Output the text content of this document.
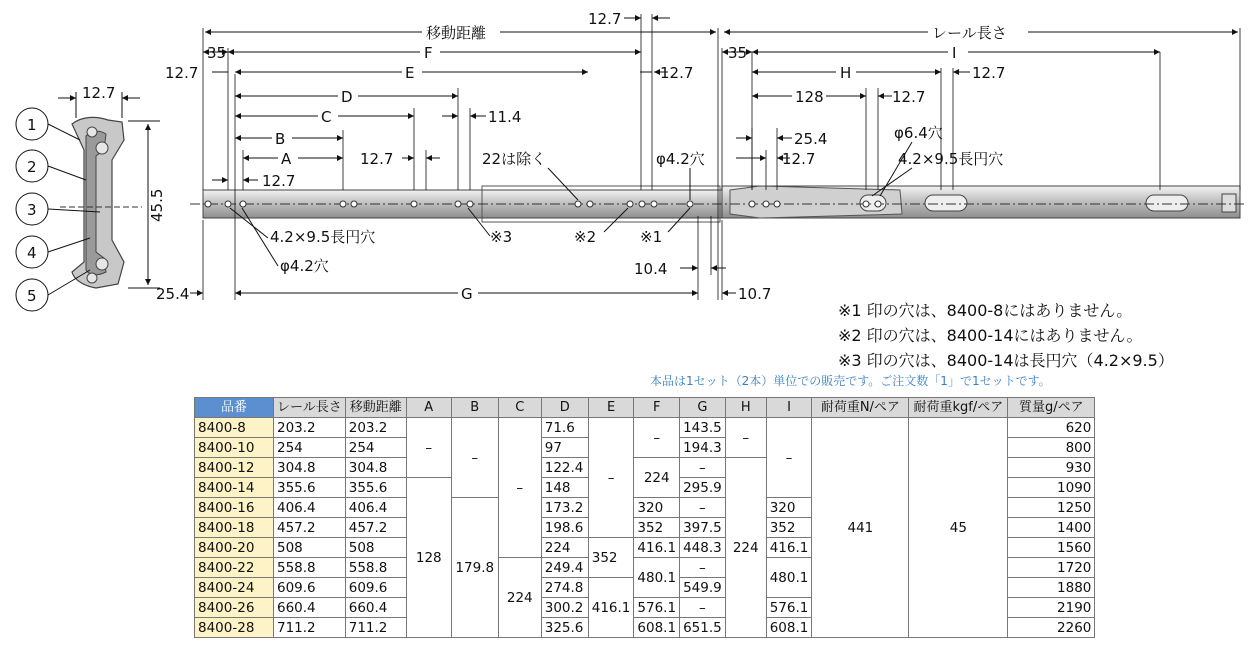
12.7
45.5
1
2
3
4
5
移動距離	レール長さ
12.7
35	F	35	I
12.7	E	12.7	H	12.7
D	128	12.7
C	11.4
B	25.4	φ6.4穴
A	12.7	22は除く	φ4.2穴	12.7	4.2×9.5長円穴
12.7
4.2×9.5長円穴
φ4.2穴
※3	※2	※1
10.4
25.4	G	10.7
※1 印の穴は、8400-8にはありません。
※2 印の穴は、8400-14にはありません。
※3 印の穴は、8400-14は長円穴（4.2×9.5）
本品は1セット（2本）単位での販売です。ご注文数「1」で1セットです。
品番	レール長さ	移動距離	A	B	C	D	E	F	G	H	I	耐荷重N/ペア	耐荷重kgf/ペア	質量g/ペア
8400-8	203.2	203.2	–	–	–	71.6	–	–	143.5	–	–	441	45	620
8400-10	254	254				97			194.3					800
8400-12	304.8	304.8				122.4		224	–	224				930
8400-14	355.6	355.6	128			148			295.9					1090
8400-16	406.4	406.4		179.8		173.2		320	–		320			1250
8400-18	457.2	457.2				198.6		352	397.5		352			1400
8400-20	508	508				224	352	416.1	448.3		416.1			1560
8400-22	558.8	558.8			224	249.4		480.1	–		480.1			1720
8400-24	609.6	609.6				274.8	416.1		549.9					1880
8400-26	660.4	660.4				300.2		576.1	–		576.1			2190
8400-28	711.2	711.2				325.6		608.1	651.5		608.1			2260
